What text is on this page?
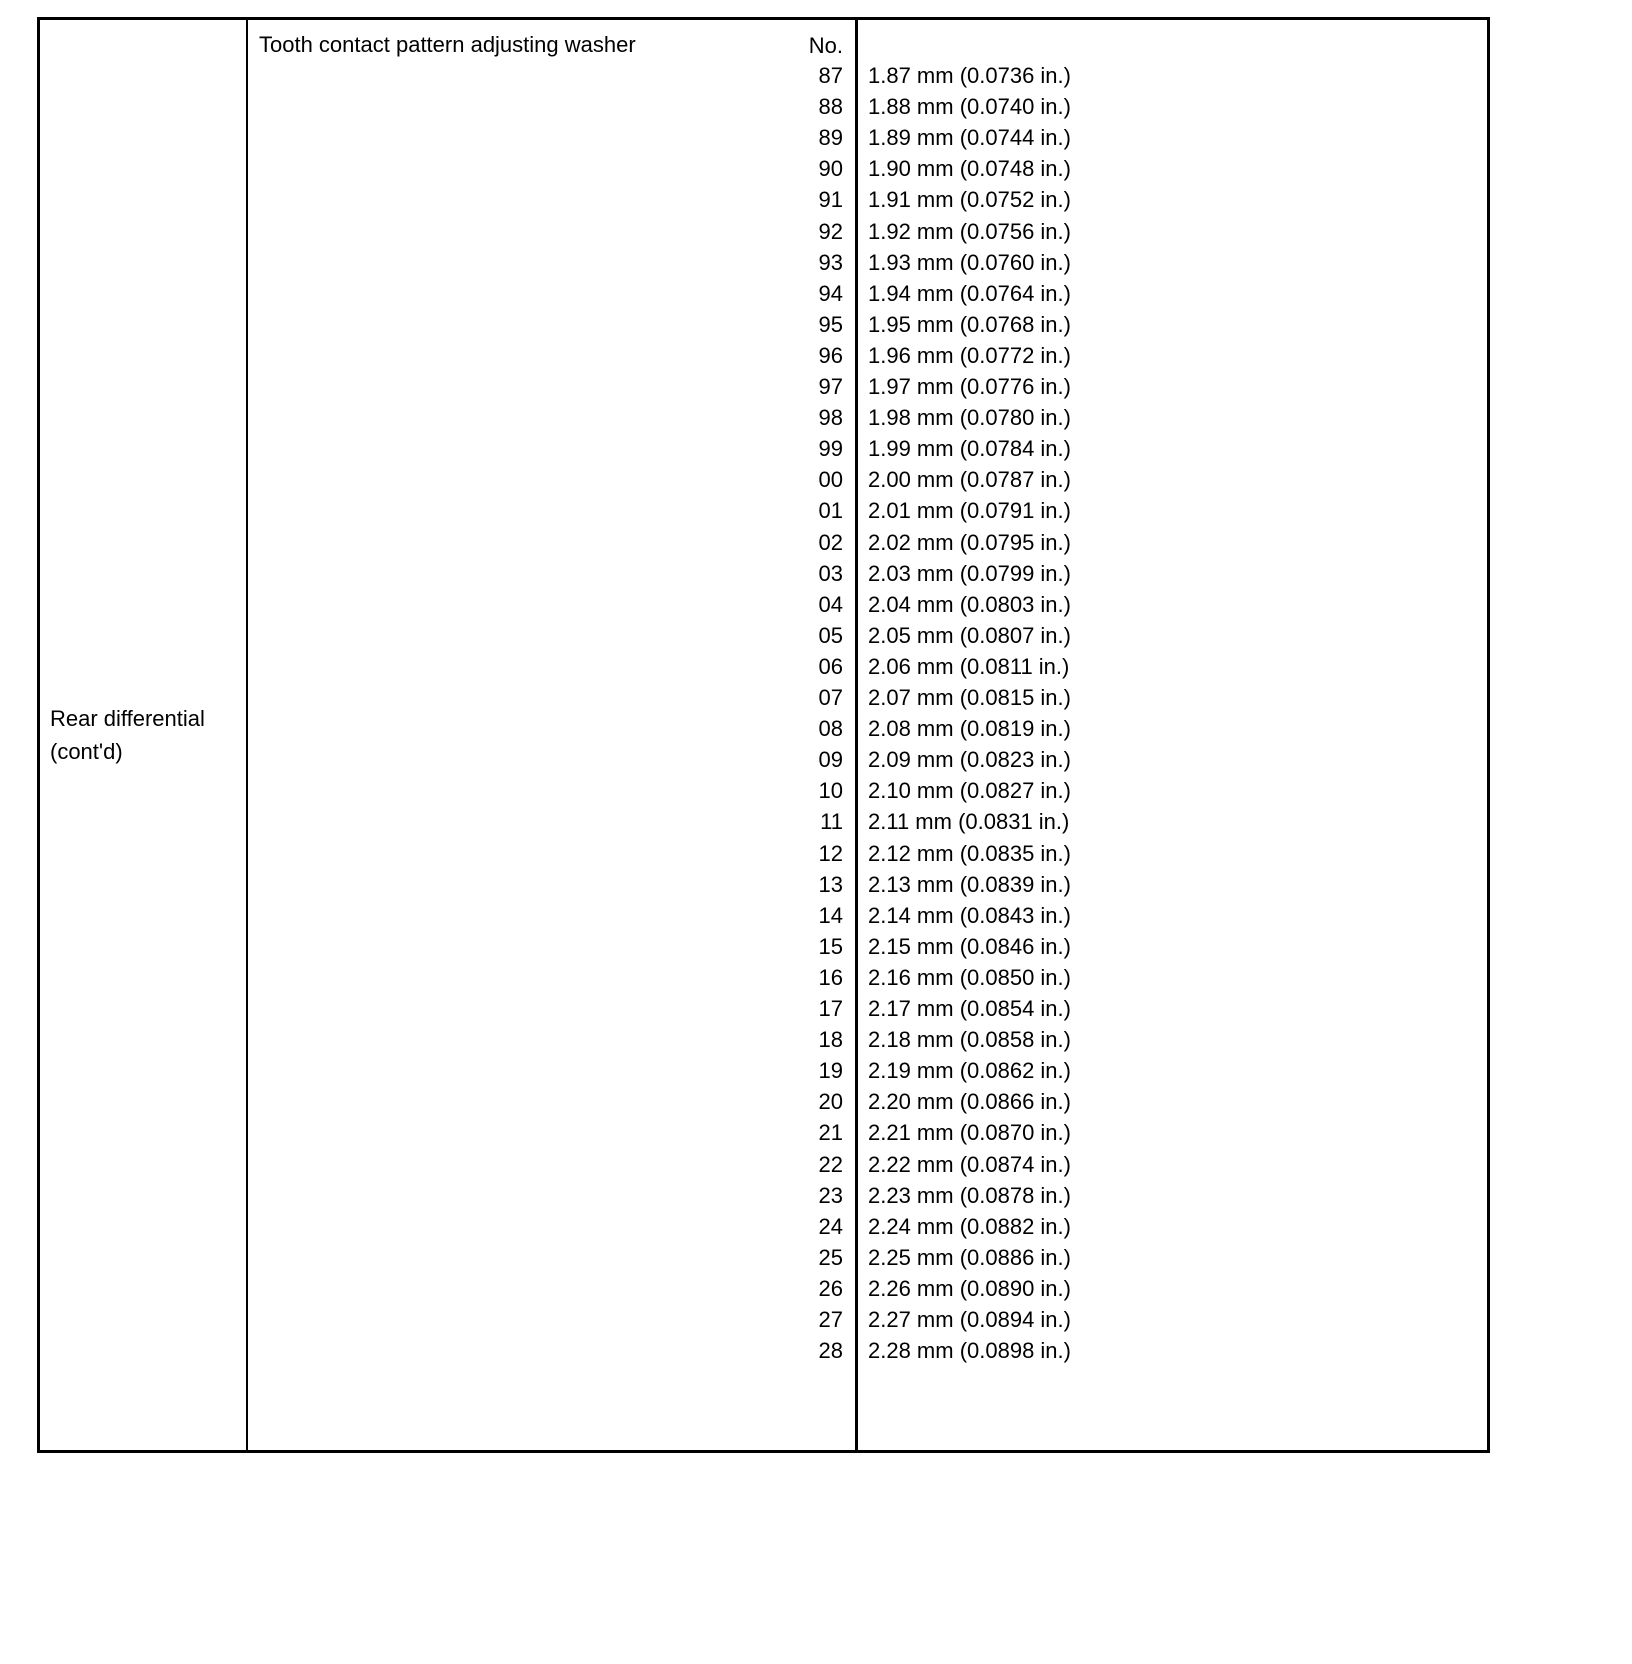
Rear differential
(cont'd)
Tooth contact pattern adjusting washer	No.
87
88
89
90
91
92
93
94
95
96
97
98
99
00
01
02
03
04
05
06
07
08
09
10
11
12
13
14
15
16
17
18
19
20
21
22
23
24
25
26
27
28
1.87 mm (0.0736 in.)
1.88 mm (0.0740 in.)
1.89 mm (0.0744 in.)
1.90 mm (0.0748 in.)
1.91 mm (0.0752 in.)
1.92 mm (0.0756 in.)
1.93 mm (0.0760 in.)
1.94 mm (0.0764 in.)
1.95 mm (0.0768 in.)
1.96 mm (0.0772 in.)
1.97 mm (0.0776 in.)
1.98 mm (0.0780 in.)
1.99 mm (0.0784 in.)
2.00 mm (0.0787 in.)
2.01 mm (0.0791 in.)
2.02 mm (0.0795 in.)
2.03 mm (0.0799 in.)
2.04 mm (0.0803 in.)
2.05 mm (0.0807 in.)
2.06 mm (0.0811 in.)
2.07 mm (0.0815 in.)
2.08 mm (0.0819 in.)
2.09 mm (0.0823 in.)
2.10 mm (0.0827 in.)
2.11 mm (0.0831 in.)
2.12 mm (0.0835 in.)
2.13 mm (0.0839 in.)
2.14 mm (0.0843 in.)
2.15 mm (0.0846 in.)
2.16 mm (0.0850 in.)
2.17 mm (0.0854 in.)
2.18 mm (0.0858 in.)
2.19 mm (0.0862 in.)
2.20 mm (0.0866 in.)
2.21 mm (0.0870 in.)
2.22 mm (0.0874 in.)
2.23 mm (0.0878 in.)
2.24 mm (0.0882 in.)
2.25 mm (0.0886 in.)
2.26 mm (0.0890 in.)
2.27 mm (0.0894 in.)
2.28 mm (0.0898 in.)
